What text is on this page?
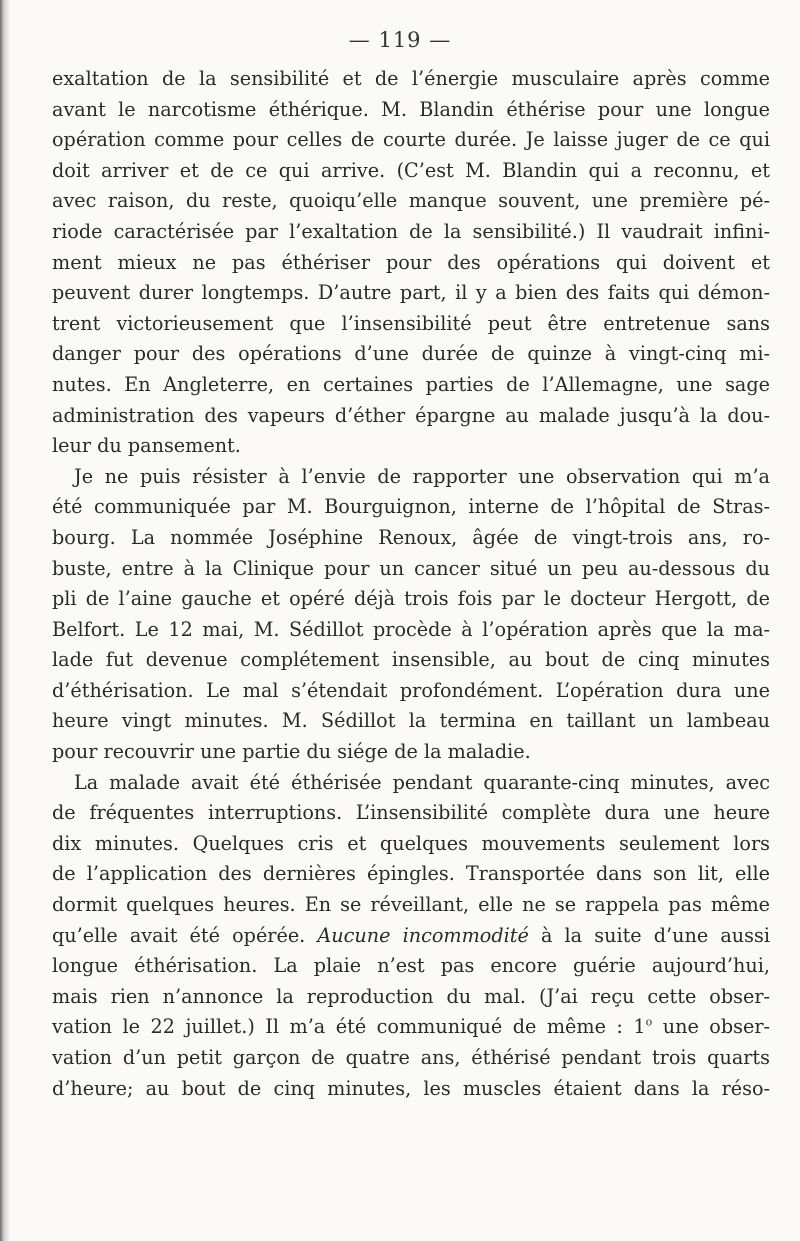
— 119 —
exaltation de la sensibilité et de l’énergie musculaire après comme
avant le narcotisme éthérique. M. Blandin éthérise pour une longue
opération comme pour celles de courte durée. Je laisse juger de ce qui
doit arriver et de ce qui arrive. (C’est M. Blandin qui a reconnu, et
avec raison, du reste, quoiqu’elle manque souvent, une première pé-
riode caractérisée par l’exaltation de la sensibilité.) Il vaudrait infini-
ment mieux ne pas éthériser pour des opérations qui doivent et
peuvent durer longtemps. D’autre part, il y a bien des faits qui démon-
trent victorieusement que l’insensibilité peut être entretenue sans
danger pour des opérations d’une durée de quinze à vingt-cinq mi-
nutes. En Angleterre, en certaines parties de l’Allemagne, une sage
administration des vapeurs d’éther épargne au malade jusqu’à la dou-
leur du pansement.
Je ne puis résister à l’envie de rapporter une observation qui m’a
été communiquée par M. Bourguignon, interne de l’hôpital de Stras-
bourg. La nommée Joséphine Renoux, âgée de vingt-trois ans, ro-
buste, entre à la Clinique pour un cancer situé un peu au-dessous du
pli de l’aine gauche et opéré déjà trois fois par le docteur Hergott, de
Belfort. Le 12 mai, M. Sédillot procède à l’opération après que la ma-
lade fut devenue complétement insensible, au bout de cinq minutes
d’éthérisation. Le mal s’étendait profondément. L’opération dura une
heure vingt minutes. M. Sédillot la termina en taillant un lambeau
pour recouvrir une partie du siége de la maladie.
La malade avait été éthérisée pendant quarante-cinq minutes, avec
de fréquentes interruptions. L’insensibilité complète dura une heure
dix minutes. Quelques cris et quelques mouvements seulement lors
de l’application des dernières épingles. Transportée dans son lit, elle
dormit quelques heures. En se réveillant, elle ne se rappela pas même
qu’elle avait été opérée. Aucune incommodité à la suite d’une aussi
longue éthérisation. La plaie n’est pas encore guérie aujourd’hui,
mais rien n’annonce la reproduction du mal. (J’ai reçu cette obser-
vation le 22 juillet.) Il m’a été communiqué de même : 1$^o$ une obser-
vation d’un petit garçon de quatre ans, éthérisé pendant trois quarts
d’heure; au bout de cinq minutes, les muscles étaient dans la réso-
